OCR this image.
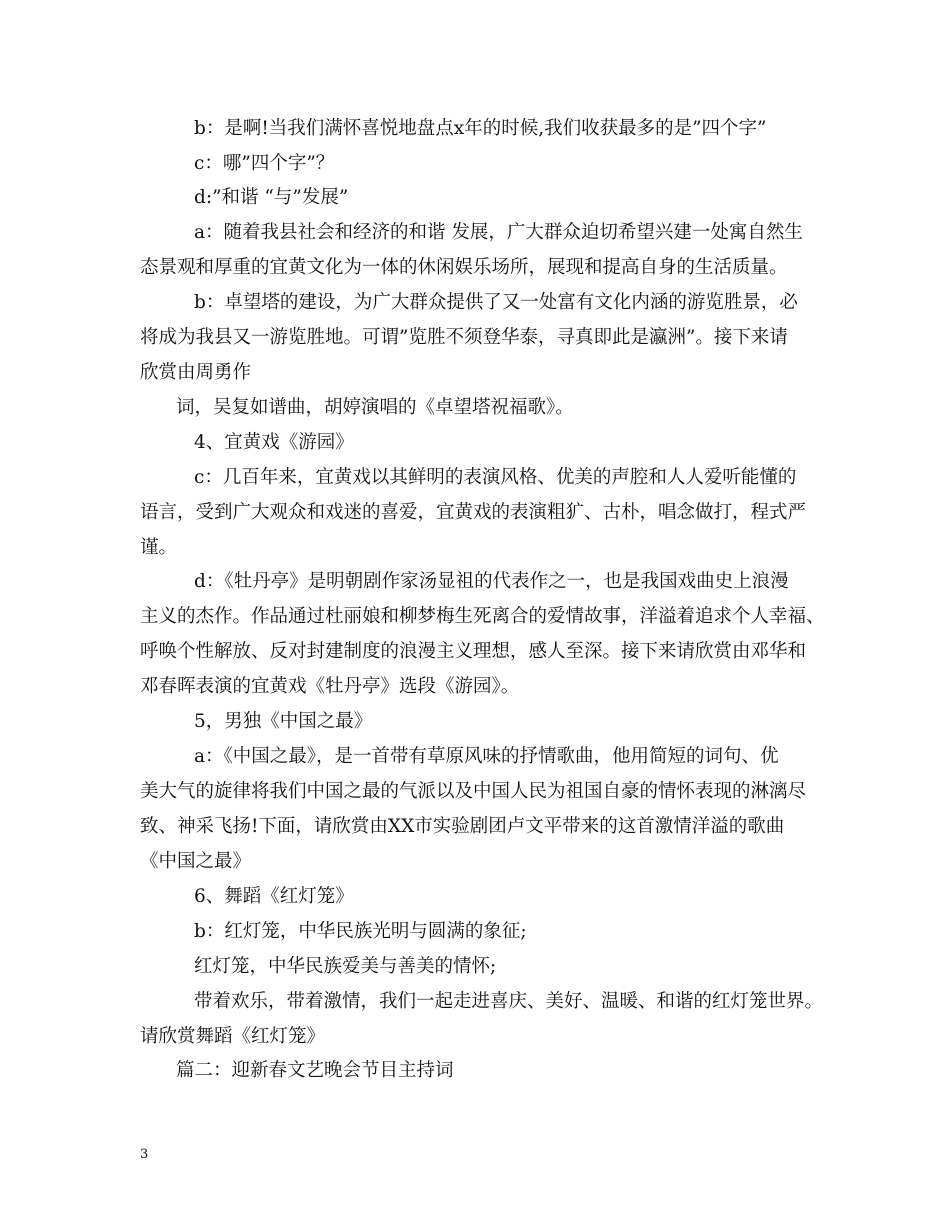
b：是啊!当我们满怀喜悦地盘点x年的时候,我们收获最多的是”四个字”
c：哪”四个字”？
d:”和谐 “与”发展”
a：随着我县社会和经济的和谐 发展，广大群众迫切希望兴建一处寓自然生
态景观和厚重的宜黄文化为一体的休闲娱乐场所，展现和提高自身的生活质量。
b：卓望塔的建设，为广大群众提供了又一处富有文化内涵的游览胜景，必
将成为我县又一游览胜地。可谓”览胜不须登华泰，寻真即此是瀛洲”。接下来请
欣赏由周勇作
词，吴复如谱曲，胡婷演唱的《卓望塔祝福歌》。
4、宜黄戏《游园》
c：几百年来，宜黄戏以其鲜明的表演风格、优美的声腔和人人爱听能懂的
语言，受到广大观众和戏迷的喜爱，宜黄戏的表演粗犷、古朴，唱念做打，程式严
谨。
d：《牡丹亭》是明朝剧作家汤显祖的代表作之一，也是我国戏曲史上浪漫
主义的杰作。作品通过杜丽娘和柳梦梅生死离合的爱情故事，洋溢着追求个人幸福、
呼唤个性解放、反对封建制度的浪漫主义理想，感人至深。接下来请欣赏由邓华和
邓春晖表演的宜黄戏《牡丹亭》选段《游园》。
5，男独《中国之最》
a：《中国之最》，是一首带有草原风味的抒情歌曲，他用简短的词句、优
美大气的旋律将我们中国之最的气派以及中国人民为祖国自豪的情怀表现的淋漓尽
致、神采飞扬!下面，请欣赏由XX市实验剧团卢文平带来的这首激情洋溢的歌曲
《中国之最》
6、舞蹈《红灯笼》
b：红灯笼，中华民族光明与圆满的象征;
红灯笼，中华民族爱美与善美的情怀;
带着欢乐，带着激情，我们一起走进喜庆、美好、温暖、和谐的红灯笼世界。
请欣赏舞蹈《红灯笼》
篇二：迎新春文艺晚会节目主持词
3
